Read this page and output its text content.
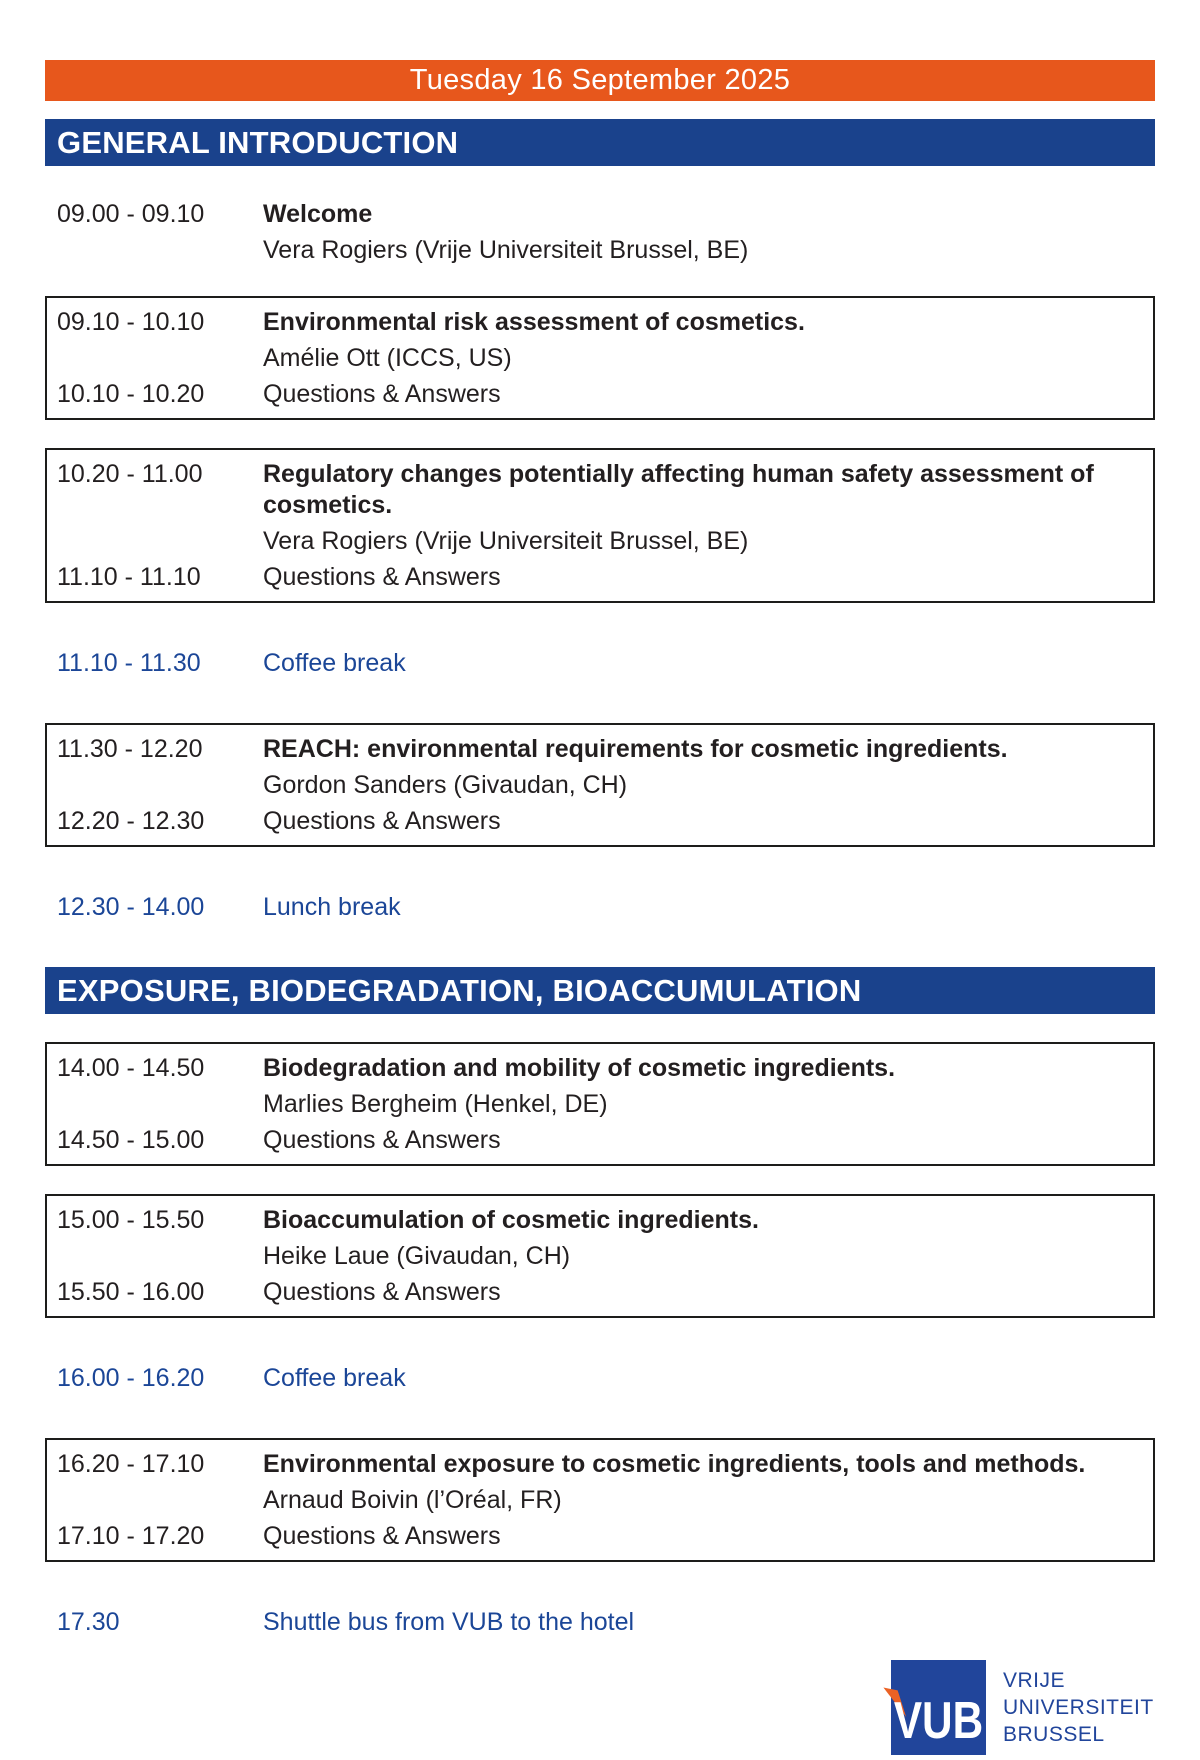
Tuesday 16 September 2025
GENERAL INTRODUCTION
09.00 - 09.10	Welcome
Vera Rogiers (Vrije Universiteit Brussel, BE)
09.10 - 10.10	Environmental risk assessment of cosmetics.
Amélie Ott (ICCS, US)
10.10 - 10.20	Questions & Answers
10.20 - 11.00	Regulatory changes potentially affecting human safety assessment of cosmetics.
Vera Rogiers (Vrije Universiteit Brussel, BE)
11.10 - 11.10	Questions & Answers
11.10 - 11.30	Coffee break
11.30 - 12.20	REACH: environmental requirements for cosmetic ingredients.
Gordon Sanders (Givaudan, CH)
12.20 - 12.30	Questions & Answers
12.30 - 14.00	Lunch break
EXPOSURE, BIODEGRADATION, BIOACCUMULATION
14.00 - 14.50	Biodegradation and mobility of cosmetic ingredients.
Marlies Bergheim (Henkel, DE)
14.50 - 15.00	Questions & Answers
15.00 - 15.50	Bioaccumulation of cosmetic ingredients.
Heike Laue (Givaudan, CH)
15.50 - 16.00	Questions & Answers
16.00 - 16.20	Coffee break
16.20 - 17.10	Environmental exposure to cosmetic ingredients, tools and methods.
Arnaud Boivin (l’Oréal, FR)
17.10 - 17.20	Questions & Answers
17.30	Shuttle bus from VUB to the hotel
VUB
VRIJE
UNIVERSITEIT
BRUSSEL
